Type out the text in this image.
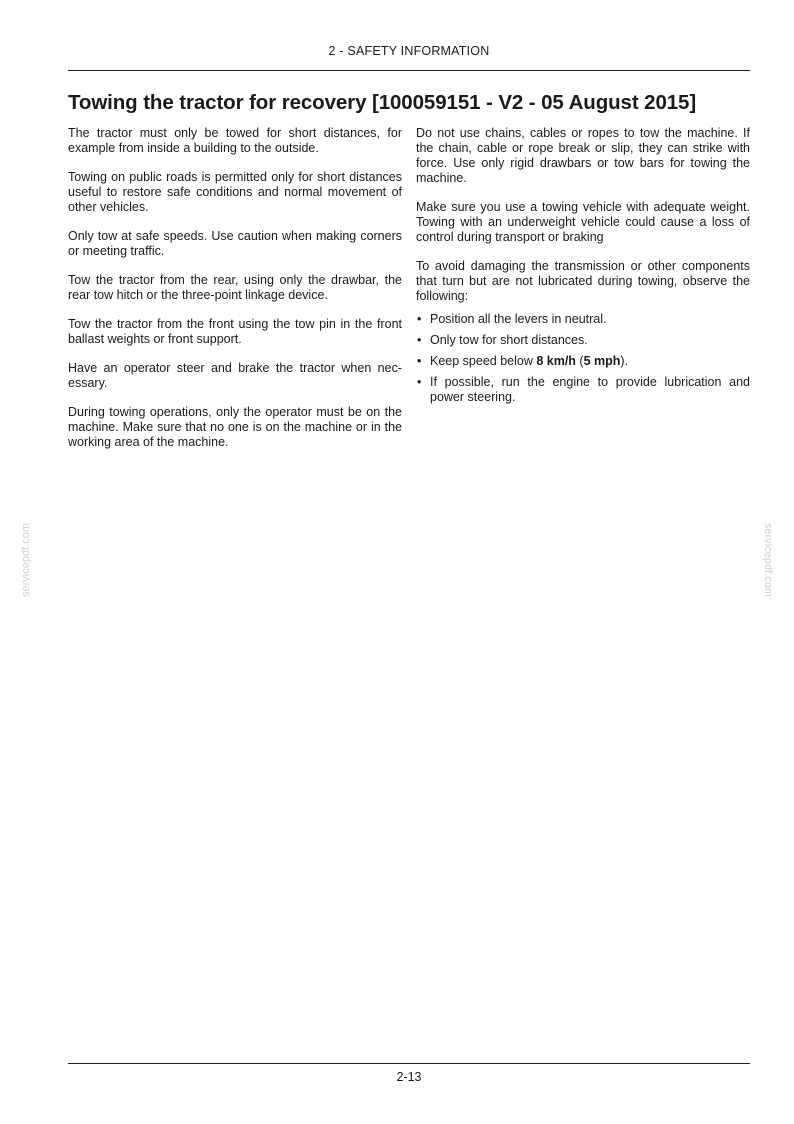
2 - SAFETY INFORMATION
Towing the tractor for recovery [100059151 - V2 - 05 August 2015]

The tractor must only be towed for short distances, for example from inside a building to the outside.

Towing on public roads is permitted only for short distances useful to restore safe conditions and normal movement of other vehicles.

Only tow at safe speeds. Use caution when making corners or meeting traffic.

Tow the tractor from the rear, using only the drawbar, the rear tow hitch or the three-point linkage device.

Tow the tractor from the front using the tow pin in the front ballast weights or front support.

Have an operator steer and brake the tractor when necessary.

During towing operations, only the operator must be on the machine. Make sure that no one is on the machine or in the working area of the machine.

Do not use chains, cables or ropes to tow the machine. If the chain, cable or rope break or slip, they can strike with force. Use only rigid drawbars or tow bars for towing the machine.

Make sure you use a towing vehicle with adequate weight. Towing with an underweight vehicle could cause a loss of control during transport or braking

To avoid damaging the transmission or other components that turn but are not lubricated during towing, observe the following:

• Position all the levers in neutral.
• Only tow for short distances.
• Keep speed below 8 km/h (5 mph).
• If possible, run the engine to provide lubrication and power steering.
servicepdf.com	servicepdf.com
2-13
